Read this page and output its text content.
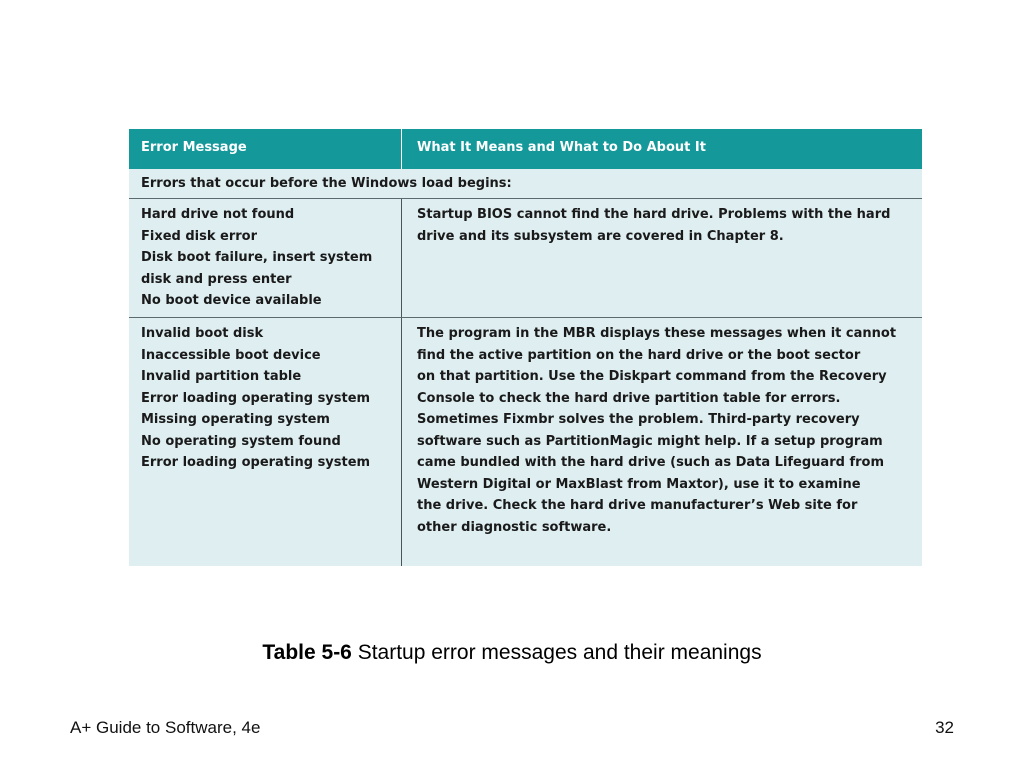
Error Message	What It Means and What to Do About It
Errors that occur before the Windows load begins:
Hard drive not found
Fixed disk error
Disk boot failure, insert system
disk and press enter
No boot device available
Startup BIOS cannot find the hard drive. Problems with the hard
drive and its subsystem are covered in Chapter 8.
Invalid boot disk
Inaccessible boot device
Invalid partition table
Error loading operating system
Missing operating system
No operating system found
Error loading operating system
The program in the MBR displays these messages when it cannot
find the active partition on the hard drive or the boot sector
on that partition. Use the Diskpart command from the Recovery
Console to check the hard drive partition table for errors.
Sometimes Fixmbr solves the problem. Third-party recovery
software such as PartitionMagic might help. If a setup program
came bundled with the hard drive (such as Data Lifeguard from
Western Digital or MaxBlast from Maxtor), use it to examine
the drive. Check the hard drive manufacturer’s Web site for
other diagnostic software.
Table 5-6 Startup error messages and their meanings
A+ Guide to Software, 4e	32
